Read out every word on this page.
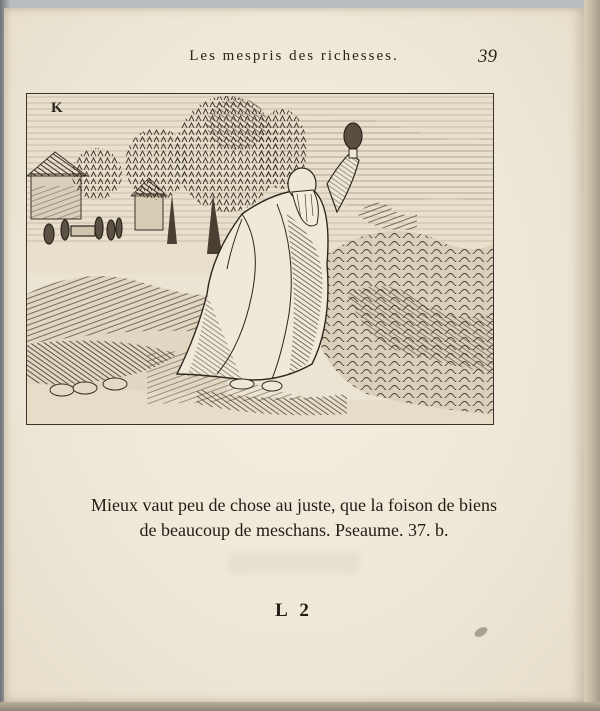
Les mespris des richesses.	39
K
Mieux vaut peu de chose au juste, que la foison de biens
de beaucoup de meschans. Pseaume. 37. b.
L 2
